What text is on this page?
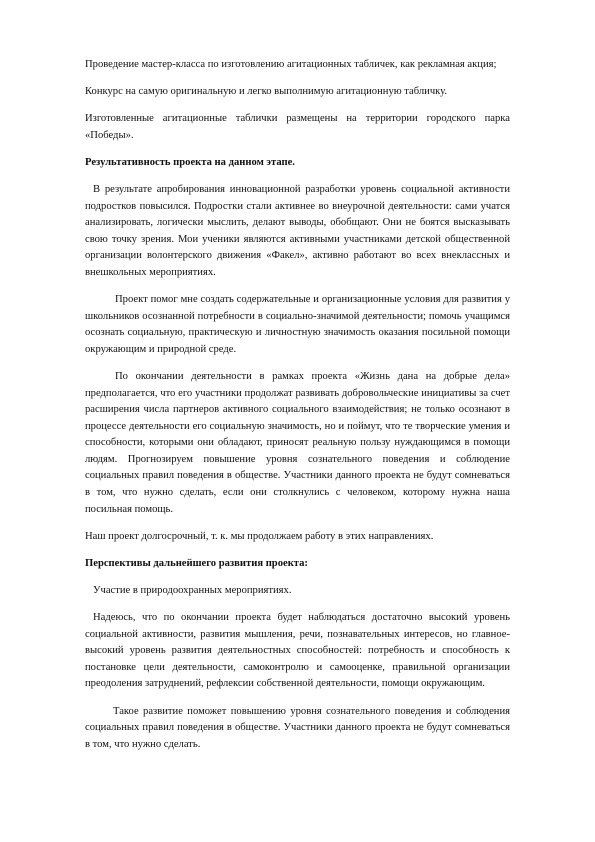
Проведение мастер-класса по изготовлению агитационных табличек, как рекламная акция;

Конкурс на самую оригинальную и легко выполнимую агитационную табличку.

Изготовленные агитационные таблички размещены на территории городского парка «Победы».

Результативность проекта на данном этапе.

В результате апробирования инновационной разработки уровень социальной активности подростков повысился. Подростки стали активнее во внеурочной деятельности: сами учатся анализировать, логически мыслить, делают выводы, обобщают. Они не боятся высказывать свою точку зрения. Мои ученики являются активными участниками детской общественной организации волонтерского движения «Факел», активно работают во всех внеклассных и внешкольных мероприятиях.

Проект помог мне создать содержательные и организационные условия для развития у школьников осознанной потребности в социально-значимой деятельности; помочь учащимся осознать социальную, практическую и личностную значимость оказания посильной помощи окружающим и природной среде.

По окончании деятельности в рамках проекта «Жизнь дана на добрые дела» предполагается, что его участники продолжат развивать добровольческие инициативы за счет расширения числа партнеров активного социального взаимодействия; не только осознают в процессе деятельности его социальную значимость, но и поймут, что те творческие умения и способности, которыми они обладают, приносят реальную пользу нуждающимся в помощи людям. Прогнозируем повышение уровня сознательного поведения и соблюдение социальных правил поведения в обществе. Участники данного проекта не будут сомневаться в том, что нужно сделать, если они столкнулись с человеком, которому нужна наша посильная помощь.

Наш проект долгосрочный, т. к. мы продолжаем работу в этих направлениях.

Перспективы дальнейшего развития проекта:

Участие в природоохранных мероприятиях.

Надеюсь, что по окончании проекта будет наблюдаться достаточно высокий уровень социальной активности, развития мышления, речи, познавательных интересов, но главное- высокий уровень развития деятельностных способностей: потребность и способность к постановке цели деятельности, самоконтролю и самооценке, правильной организации преодоления затруднений, рефлексии собственной деятельности, помощи окружающим.

Такое развитие поможет повышению уровня сознательного поведения и соблюдения социальных правил поведения в обществе. Участники данного проекта не будут сомневаться в том, что нужно сделать.
